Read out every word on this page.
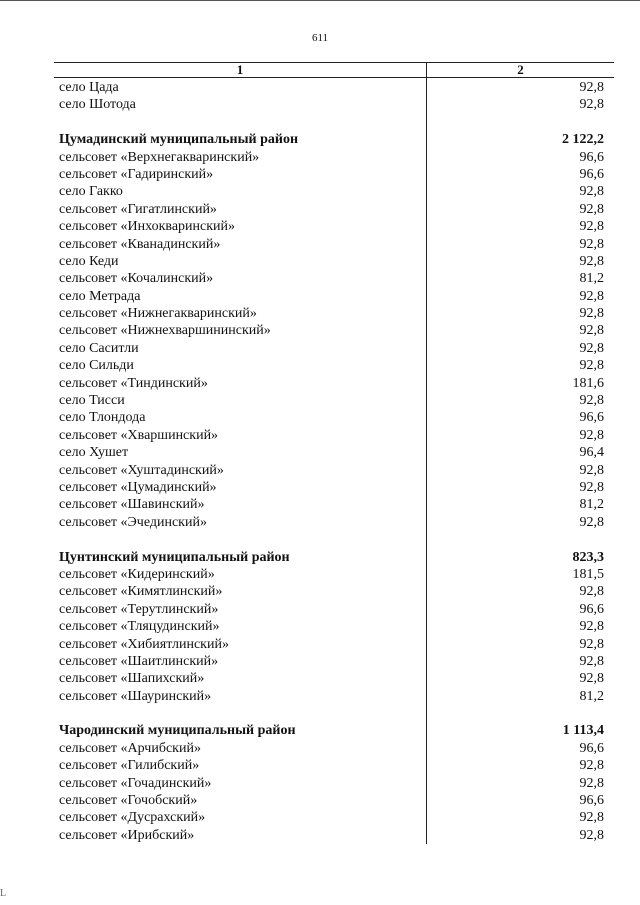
611
1	2
село Цада	92,8
село Шотода	92,8
Цумадинский муниципальный район	2 122,2
сельсовет «Верхнегакваринский»	96,6
сельсовет «Гадиринский»	96,6
село Гакко	92,8
сельсовет «Гигатлинский»	92,8
сельсовет «Инхокваринский»	92,8
сельсовет «Кванадинский»	92,8
село Кеди	92,8
сельсовет «Кочалинский»	81,2
село Метрада	92,8
сельсовет «Нижнегакваринский»	92,8
сельсовет «Нижнехваршининский»	92,8
село Саситли	92,8
село Сильди	92,8
сельсовет «Тиндинский»	181,6
село Тисси	92,8
село Тлондода	96,6
сельсовет «Хваршинский»	92,8
село Хушет	96,4
сельсовет «Хуштадинский»	92,8
сельсовет «Цумадинский»	92,8
сельсовет «Шавинский»	81,2
сельсовет «Эчединский»	92,8
Цунтинский муниципальный район	823,3
сельсовет «Кидеринский»	181,5
сельсовет «Кимятлинский»	92,8
сельсовет «Терутлинский»	96,6
сельсовет «Тляцудинский»	92,8
сельсовет «Хибиятлинский»	92,8
сельсовет «Шаитлинский»	92,8
сельсовет «Шапихский»	92,8
сельсовет «Шауринский»	81,2
Чародинский муниципальный район	1 113,4
сельсовет «Арчибский»	96,6
сельсовет «Гилибский»	92,8
сельсовет «Гочадинский»	92,8
сельсовет «Гочобский»	96,6
сельсовет «Дусрахский»	92,8
сельсовет «Ирибский»	92,8
L
